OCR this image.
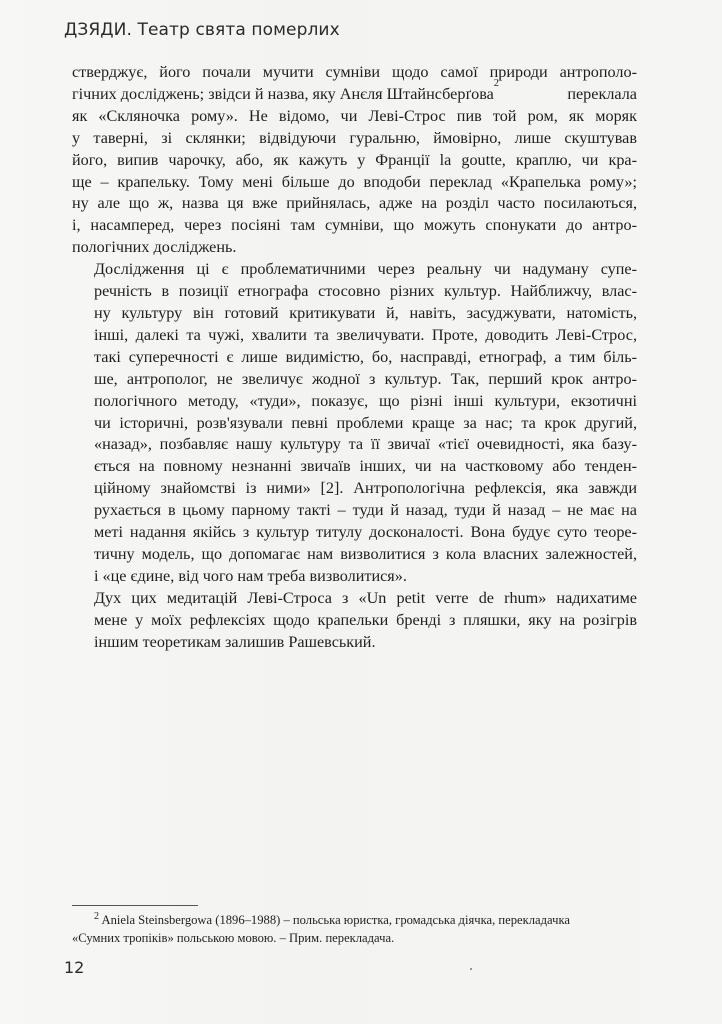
ДЗЯДИ. Театр свята померлих

стверджує, його почали мучити сумніви щодо самої природи антрополо-
гічних досліджень; звідси й назва, яку Анєля Штайнсберґова
2
переклала
як «Скляночка рому». Не відомо, чи Леві-Строс пив той ром, як моряк
у таверні, зі склянки; відвідуючи гуральню, ймовірно, лише скуштував
його, випив чарочку, або, як кажуть у Франції la goutte, краплю, чи кра-
ще – крапельку. Тому мені більше до вподоби переклад «Крапелька рому»;
ну але що ж, назва ця вже прийнялась, адже на розділ часто посилаються,
і, насамперед, через посіяні там сумніви, що можуть спонукати до антро-
пологічних досліджень.

Дослідження ці є проблематичними через реальну чи надуману супе-
речність в позиції етнографа стосовно різних культур. Найближчу, влас-
ну культуру він готовий критикувати й, навіть, засуджувати, натомість,
інші, далекі та чужі, хвалити та звеличувати. Проте, доводить Леві-Строс,
такі суперечності є лише видимістю, бо, насправді, етнограф, а тим біль-
ше, антрополог, не звеличує жодної з культур. Так, перший крок антро-
пологічного методу, «туди», показує, що різні інші культури, екзотичні
чи історичні, розв'язували певні проблеми краще за нас; та крок другий,
«назад», позбавляє нашу культуру та її звичаї «тієї очевидності, яка базу-
ється на повному незнанні звичаїв інших, чи на частковому або тенден-
ційному знайомстві із ними» [2]. Антропологічна рефлексія, яка завжди
рухається в цьому парному такті – туди й назад, туди й назад – не має на
меті надання якійсь з культур титулу досконалості. Вона будує суто теоре-
тичну модель, що допомагає нам визволитися з кола власних залежностей,
і «це єдине, від чого нам треба визволитися».

Дух цих медитацій Леві-Строса з «Un petit verre de rhum» надихатиме
мене у моїх рефлексіях щодо крапельки бренді з пляшки, яку на розігрів
іншим теоретикам залишив Рашевський.

$^2$ Aniela Steinsbergowa (1896–1988) – польська юристка, громадська діячка, перекладачка
«Сумних тропіків» польською мовою. – Прим. перекладача.
12
